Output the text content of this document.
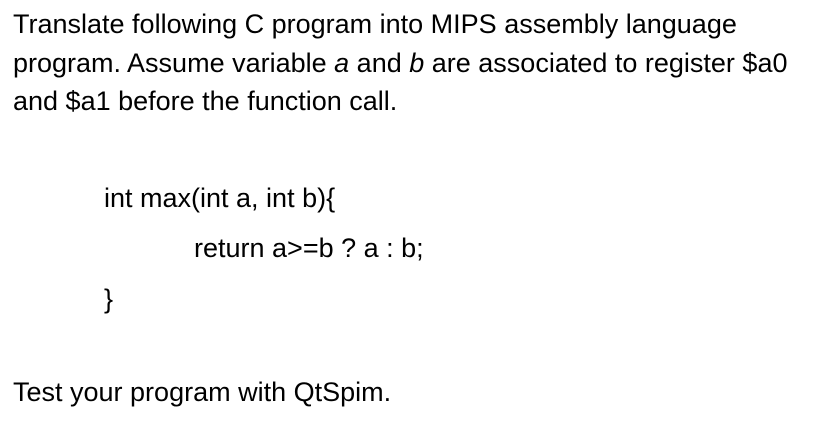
Translate following C program into MIPS assembly language program. Assume variable a and b are associated to register $a0 and $a1 before the function call.

int max(int a, int b){
return a>=b ? a : b;
}

Test your program with QtSpim.
